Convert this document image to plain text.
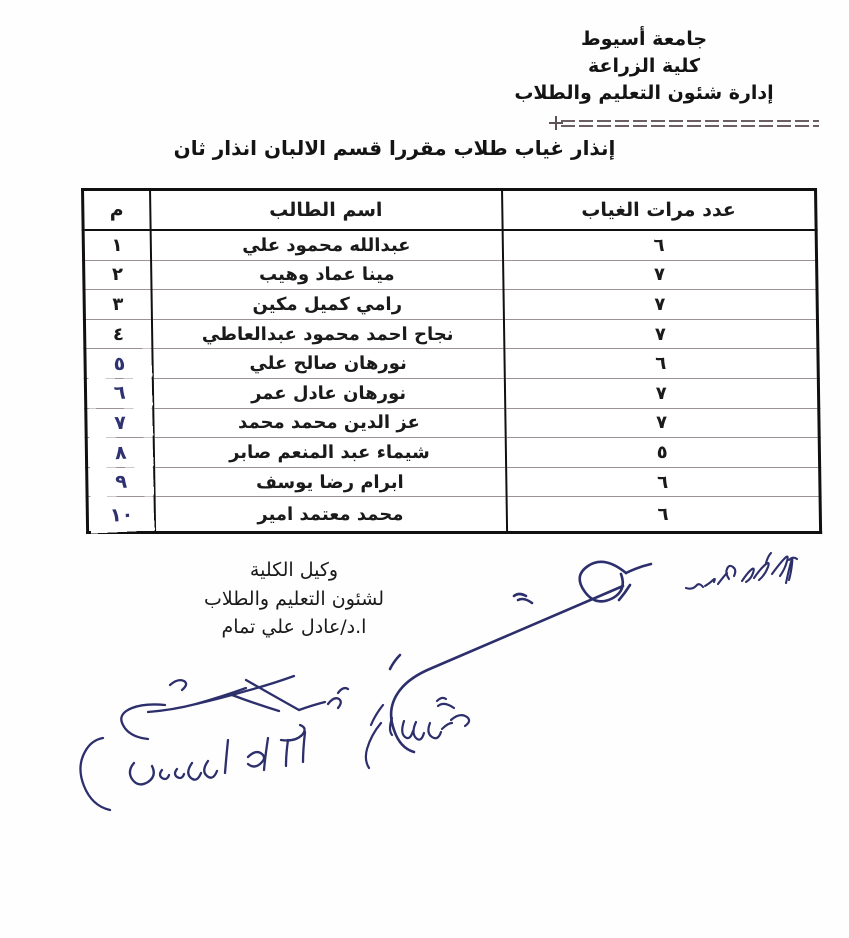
جامعة أسيوط
كلية الزراعة
إدارة شئون التعليم والطلاب
إنذار غياب طلاب مقررا قسم الالبان انذار ثان
عدد مرات الغياب	اسم الطالب	م
٦	عبدالله محمود علي	١
٧	مينا عماد وهيب	٢
٧	رامي كميل مكين	٣
٧	نجاح احمد محمود عبدالعاطي	٤
٦	نورهان صالح علي	٥
٧	نورهان عادل عمر	٦
٧	عز الدين محمد محمد	٧
٥	شيماء عبد المنعم صابر	٨
٦	ابرام رضا يوسف	٩
٦	محمد معتمد امير	١٠
وكيل الكلية
لشئون التعليم والطلاب
ا.د/عادل علي تمام
